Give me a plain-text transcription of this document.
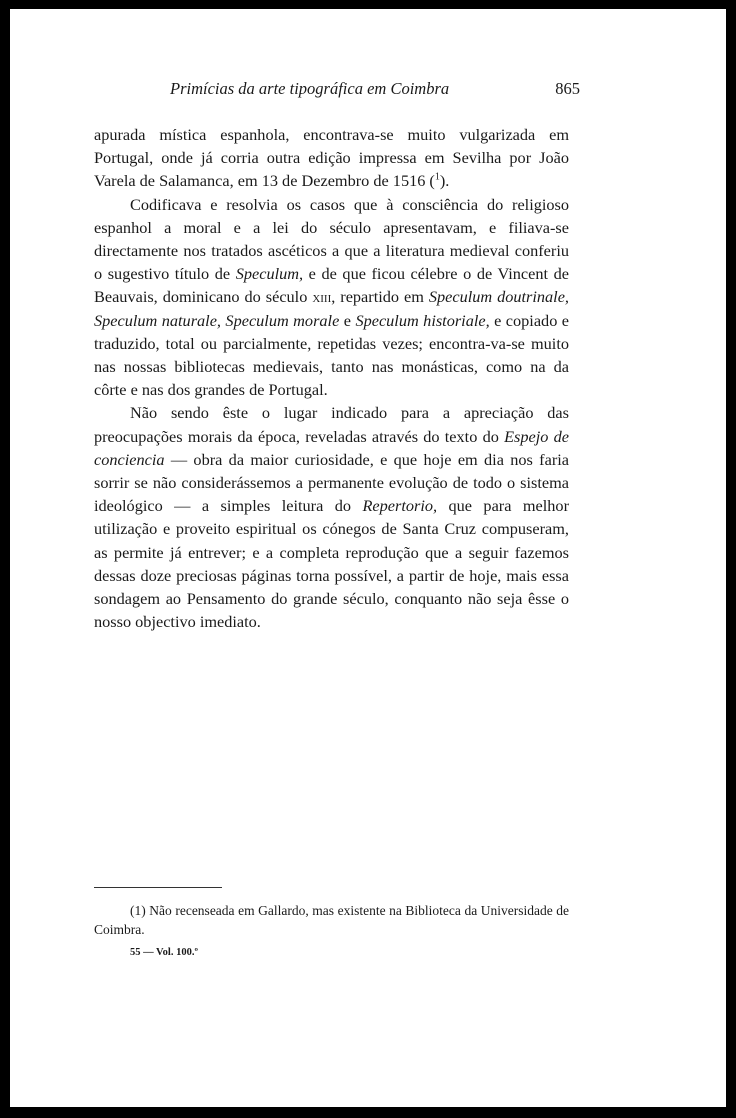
Primícias da arte tipográfica em Coimbra	865

apurada mística espanhola, encontrava-se muito vulgarizada em Portugal, onde já corria outra edição impressa em Sevilha por João Varela de Salamanca, em 13 de Dezembro de 1516 ($^1$).

Codificava e resolvia os casos que à consciência do religioso espanhol a moral e a lei do século apresentavam, e filiava-se directamente nos tratados ascéticos a que a literatura medieval conferiu o sugestivo título de Speculum, e de que ficou célebre o de Vincent de Beauvais, dominicano do século xiii, repartido em Speculum doutrinale, Speculum naturale, Speculum morale e Speculum historiale, e copiado e traduzido, total ou parcialmente, repetidas vezes; encontra-va-se muito nas nossas bibliotecas medievais, tanto nas monásticas, como na da côrte e nas dos grandes de Portugal.

Não sendo êste o lugar indicado para a apreciação das preocupações morais da época, reveladas através do texto do Espejo de conciencia — obra da maior curiosidade, e que hoje em dia nos faria sorrir se não considerássemos a permanente evolução de todo o sistema ideológico — a simples leitura do Repertorio, que para melhor utilização e proveito espiritual os cónegos de Santa Cruz compuseram, as permite já entrever; e a completa reprodução que a seguir fazemos dessas doze preciosas páginas torna possível, a partir de hoje, mais essa sondagem ao Pensamento do grande século, conquanto não seja êsse o nosso objectivo imediato.

(1) Não recenseada em Gallardo, mas existente na Biblioteca da Universidade de Coimbra.

55 — Vol. 100.º
